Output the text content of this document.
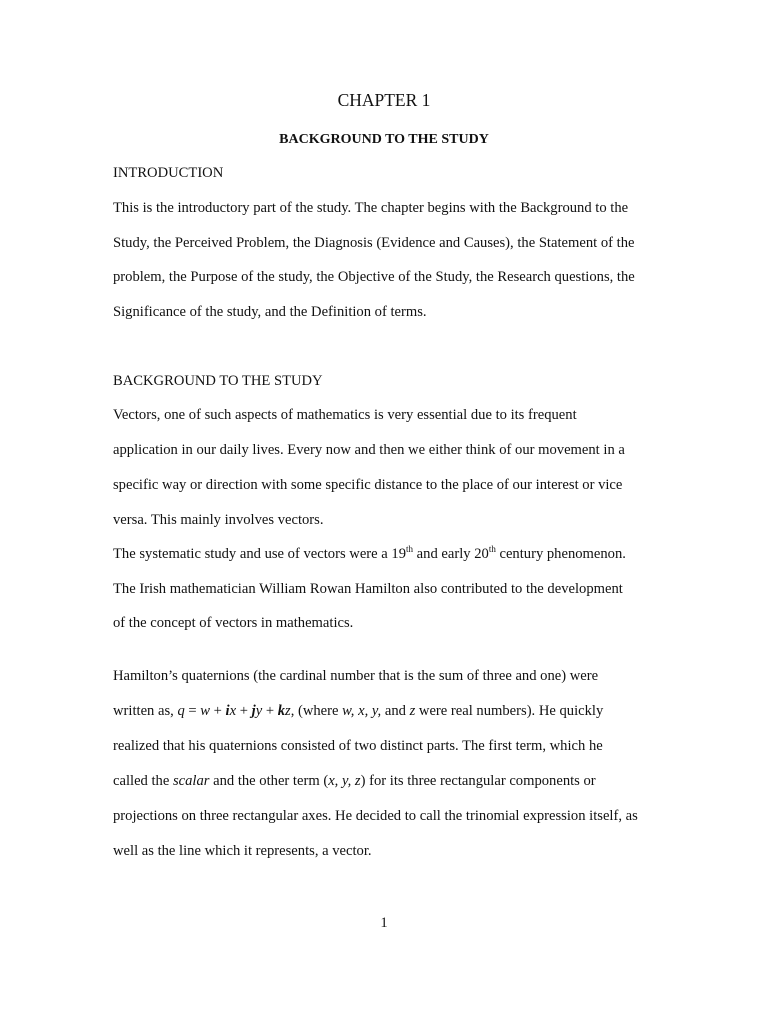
CHAPTER 1
BACKGROUND TO THE STUDY
INTRODUCTION
This is the introductory part of the study. The chapter begins with the Background to the
Study, the Perceived Problem, the Diagnosis (Evidence and Causes), the Statement of the
problem, the Purpose of the study, the Objective of the Study, the Research questions, the
Significance of the study, and the Definition of terms.
BACKGROUND TO THE STUDY
Vectors, one of such aspects of mathematics is very essential due to its frequent
application in our daily lives. Every now and then we either think of our movement in a
specific way or direction with some specific distance to the place of our interest or vice
versa. This mainly involves vectors.
The systematic study and use of vectors were a 19th and early 20th century phenomenon.
The Irish mathematician William Rowan Hamilton also contributed to the development
of the concept of vectors in mathematics.
Hamilton’s quaternions (the cardinal number that is the sum of three and one) were
written as, q = w + ix + jy + kz, (where w, x, y, and z were real numbers). He quickly
realized that his quaternions consisted of two distinct parts. The first term, which he
called the scalar and the other term (x, y, z) for its three rectangular components or
projections on three rectangular axes. He decided to call the trinomial expression itself, as
well as the line which it represents, a vector.
1
